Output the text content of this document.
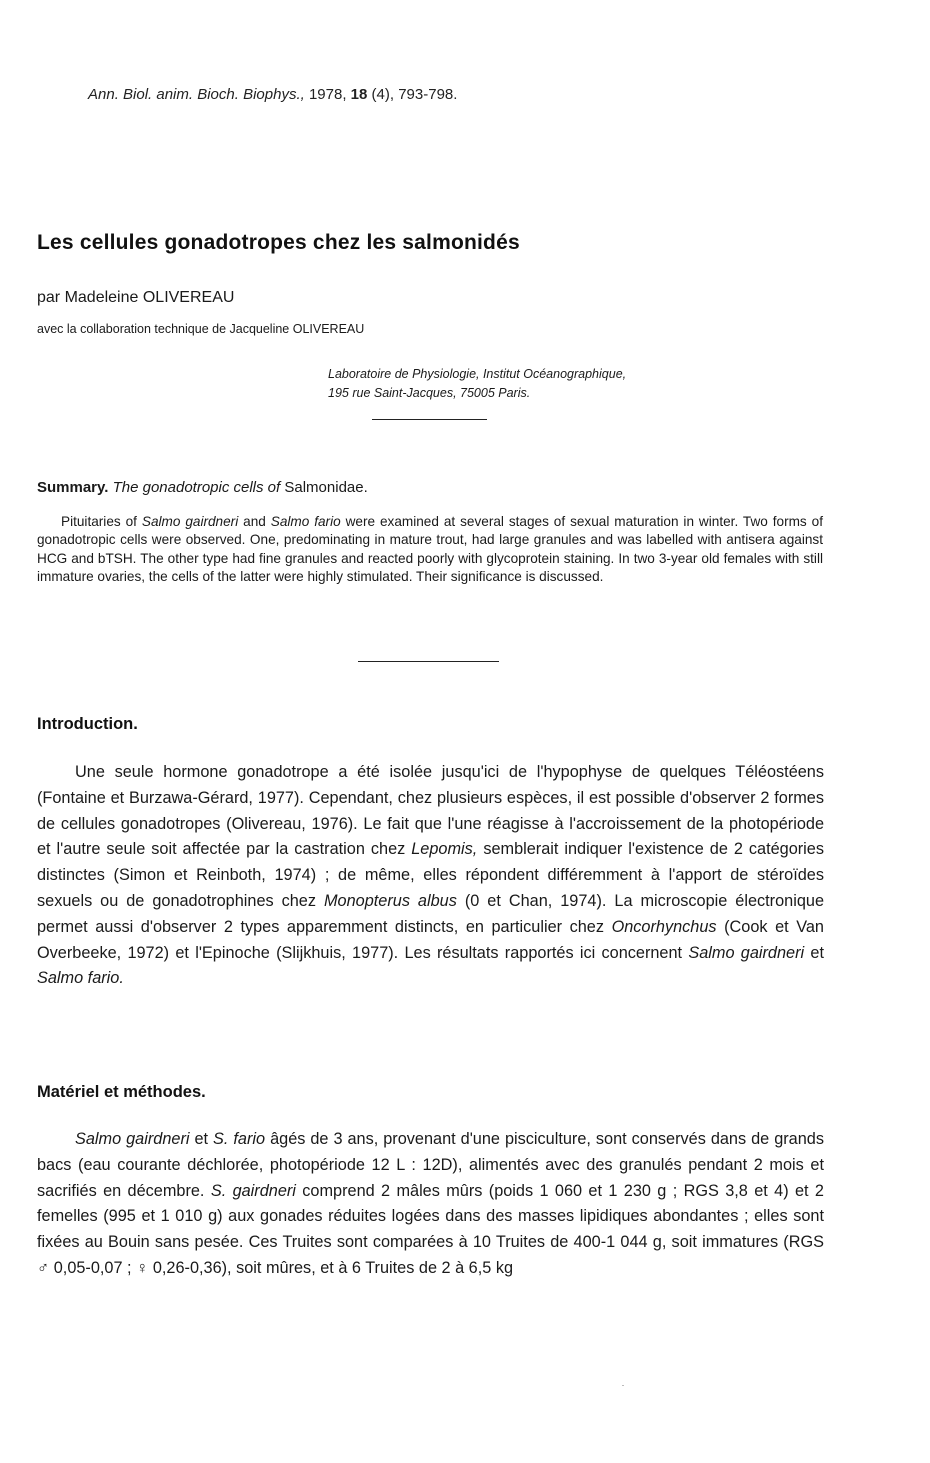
Ann. Biol. anim. Bioch. Biophys., 1978, 18 (4), 793-798.
Les cellules gonadotropes chez les salmonidés
par Madeleine OLIVEREAU
avec la collaboration technique de Jacqueline OLIVEREAU
Laboratoire de Physiologie, Institut Océanographique,
195 rue Saint-Jacques, 75005 Paris.
Summary. The gonadotropic cells of Salmonidae.

Pituitaries of Salmo gairdneri and Salmo fario were examined at several stages of sexual maturation in winter. Two forms of gonadotropic cells were observed. One, predominating in mature trout, had large granules and was labelled with antisera against HCG and bTSH. The other type had fine granules and reacted poorly with glycoprotein staining. In two 3-year old females with still immature ovaries, the cells of the latter were highly stimulated. Their significance is discussed.

Introduction.

Une seule hormone gonadotrope a été isolée jusqu'ici de l'hypophyse de quelques Téléostéens (Fontaine et Burzawa-Gérard, 1977). Cependant, chez plusieurs espèces, il est possible d'observer 2 formes de cellules gonadotropes (Olivereau, 1976). Le fait que l'une réagisse à l'accroissement de la photopériode et l'autre seule soit affectée par la castration chez Lepomis, semblerait indiquer l'existence de 2 catégories distinctes (Simon et Reinboth, 1974) ; de même, elles répondent différemment à l'apport de stéroïdes sexuels ou de gonadotrophines chez Monopterus albus (0 et Chan, 1974). La microscopie électronique permet aussi d'observer 2 types apparemment distincts, en particulier chez Oncorhynchus (Cook et Van Overbeeke, 1972) et l'Epinoche (Slijkhuis, 1977). Les résultats rapportés ici concernent Salmo gairdneri et Salmo fario.

Matériel et méthodes.

Salmo gairdneri et S. fario âgés de 3 ans, provenant d'une pisciculture, sont conservés dans de grands bacs (eau courante déchlorée, photopériode 12 L : 12D), alimentés avec des granulés pendant 2 mois et sacrifiés en décembre. S. gairdneri comprend 2 mâles mûrs (poids 1 060 et 1 230 g ; RGS 3,8 et 4) et 2 femelles (995 et 1 010 g) aux gonades réduites logées dans des masses lipidiques abondantes ; elles sont fixées au Bouin sans pesée. Ces Truites sont comparées à 10 Truites de 400-1 044 g, soit immatures (RGS ♂ 0,05-0,07 ; ♀ 0,26-0,36), soit mûres, et à 6 Truites de 2 à 6,5 kg
